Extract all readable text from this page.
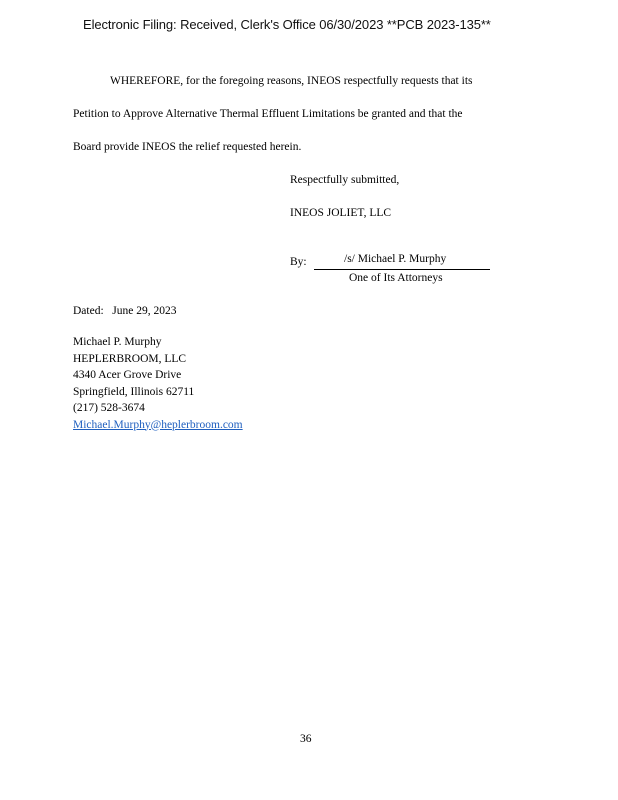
Electronic Filing: Received, Clerk's Office 06/30/2023 **PCB 2023-135**
WHEREFORE, for the foregoing reasons, INEOS respectfully requests that its
Petition to Approve Alternative Thermal Effluent Limitations be granted and that the
Board provide INEOS the relief requested herein.
Respectfully submitted,
INEOS JOLIET, LLC
By:	/s/ Michael P. Murphy
One of Its Attorneys
Dated: June 29, 2023
Michael P. Murphy
HEPLERBROOM, LLC
4340 Acer Grove Drive
Springfield, Illinois 62711
(217) 528-3674
Michael.Murphy@heplerbroom.com
36
